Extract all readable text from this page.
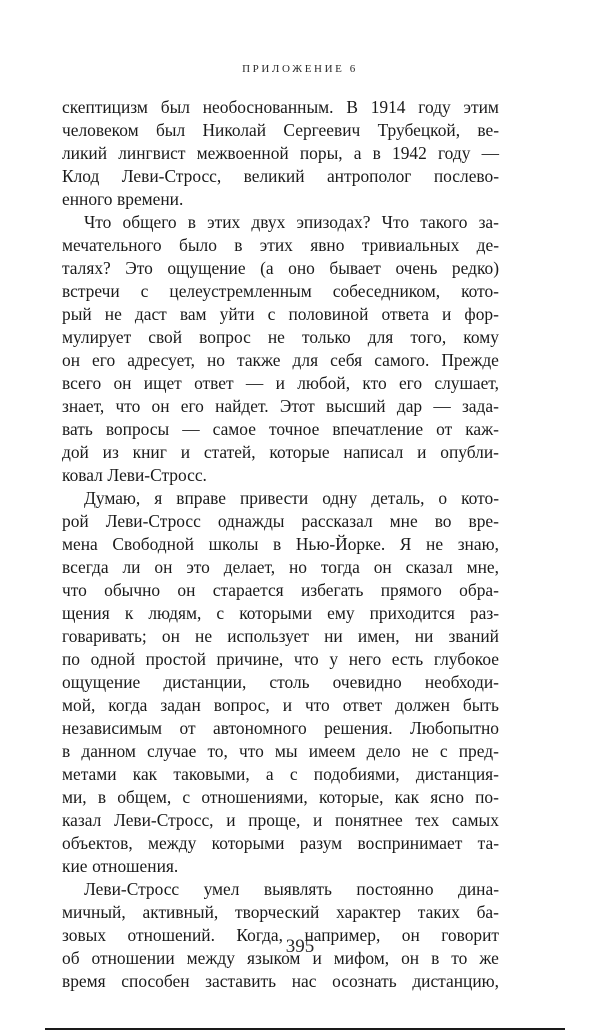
ПРИЛОЖЕНИЕ 6
скептицизм был необоснованным. В 1914 году этим
человеком был Николай Сергеевич Трубецкой, ве-
ликий лингвист межвоенной поры, а в 1942 году —
Клод Леви-Стросс, великий антрополог послево-
енного времени.
Что общего в этих двух эпизодах? Что такого за-
мечательного было в этих явно тривиальных де-
талях? Это ощущение (а оно бывает очень редко)
встречи с целеустремленным собеседником, кото-
рый не даст вам уйти с половиной ответа и фор-
мулирует свой вопрос не только для того, кому
он его адресует, но также для себя самого. Прежде
всего он ищет ответ — и любой, кто его слушает,
знает, что он его найдет. Этот высший дар — зада-
вать вопросы — самое точное впечатление от каж-
дой из книг и статей, которые написал и опубли-
ковал Леви-Стросс.
Думаю, я вправе привести одну деталь, о кото-
рой Леви-Стросс однажды рассказал мне во вре-
мена Свободной школы в Нью-Йорке. Я не знаю,
всегда ли он это делает, но тогда он сказал мне,
что обычно он старается избегать прямого обра-
щения к людям, с которыми ему приходится раз-
говаривать; он не использует ни имен, ни званий
по одной простой причине, что у него есть глубокое
ощущение дистанции, столь очевидно необходи-
мой, когда задан вопрос, и что ответ должен быть
независимым от автономного решения. Любопытно
в данном случае то, что мы имеем дело не с пред-
метами как таковыми, а с подобиями, дистанция-
ми, в общем, с отношениями, которые, как ясно по-
казал Леви-Стросс, и проще, и понятнее тех самых
объектов, между которыми разум воспринимает та-
кие отношения.
Леви-Стросс умел выявлять постоянно дина-
мичный, активный, творческий характер таких ба-
зовых отношений. Когда, например, он говорит
об отношении между языком и мифом, он в то же
время способен заставить нас осознать дистанцию,
395
